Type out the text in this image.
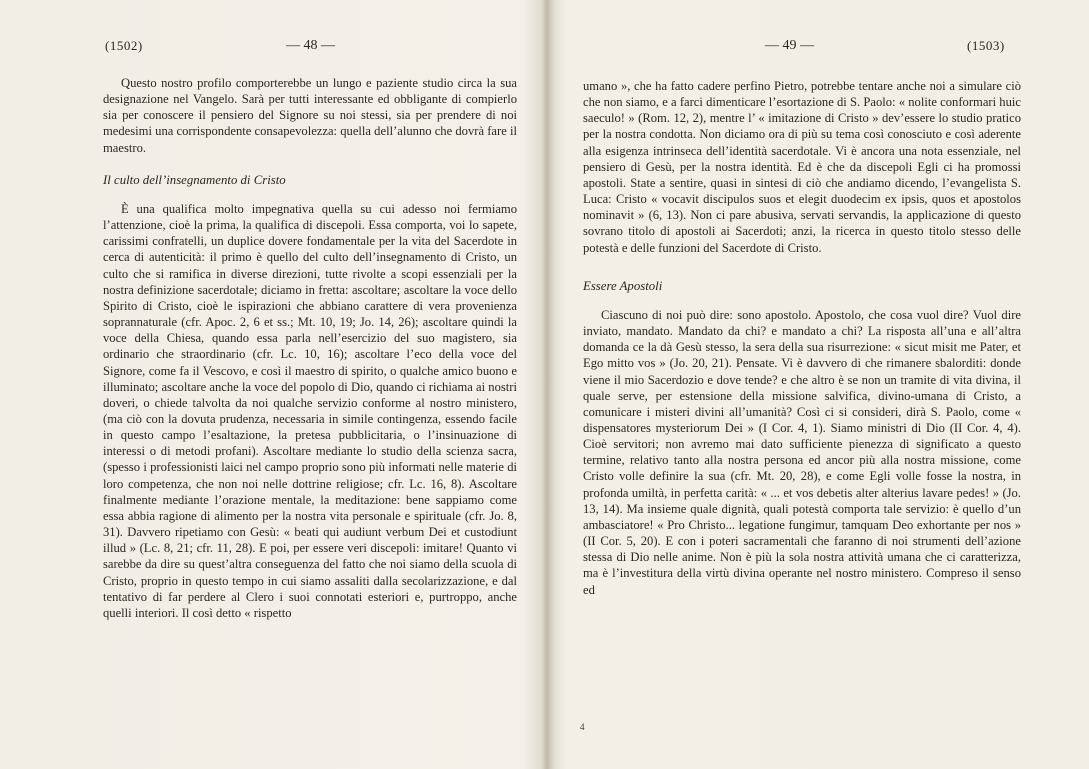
(1502)	— 48 —

Questo nostro profilo comporterebbe un lungo e paziente studio circa la sua designazione nel Vangelo. Sarà per tutti interessante ed obbligante di compierlo sia per conoscere il pensiero del Signore su noi stessi, sia per prendere di noi medesimi una corrispondente consapevolezza: quella dell’alunno che dovrà fare il maestro.

Il culto dell’insegnamento di Cristo

È una qualifica molto impegnativa quella su cui adesso noi fermiamo l’attenzione, cioè la prima, la qualifica di discepoli. Essa comporta, voi lo sapete, carissimi confratelli, un duplice dovere fondamentale per la vita del Sacerdote in cerca di autenticità: il primo è quello del culto dell’insegnamento di Cristo, un culto che si ramifica in diverse direzioni, tutte rivolte a scopi essenziali per la nostra definizione sacerdotale; diciamo in fretta: ascoltare; ascoltare la voce dello Spirito di Cristo, cioè le ispirazioni che abbiano carattere di vera provenienza soprannaturale (cfr. Apoc. 2, 6 et ss.; Mt. 10, 19; Jo. 14, 26); ascoltare quindi la voce della Chiesa, quando essa parla nell’esercizio del suo magistero, sia ordinario che straordinario (cfr. Lc. 10, 16); ascoltare l’eco della voce del Signore, come fa il Vescovo, e così il maestro di spirito, o qualche amico buono e illuminato; ascoltare anche la voce del popolo di Dio, quando ci richiama ai nostri doveri, o chiede talvolta da noi qualche servizio conforme al nostro ministero, (ma ciò con la dovuta prudenza, necessaria in simile contingenza, essendo facile in questo campo l’esaltazione, la pretesa pubblicitaria, o l’insinuazione di interessi o di metodi profani). Ascoltare mediante lo studio della scienza sacra, (spesso i professionisti laici nel campo proprio sono più informati nelle materie di loro competenza, che non noi nelle dottrine religiose; cfr. Lc. 16, 8). Ascoltare finalmente mediante l’orazione mentale, la meditazione: bene sappiamo come essa abbia ragione di alimento per la nostra vita personale e spirituale (cfr. Jo. 8, 31). Davvero ripetiamo con Gesù: « beati qui audiunt verbum Dei et custodiunt illud » (Lc. 8, 21; cfr. 11, 28). E poi, per essere veri discepoli: imitare! Quanto vi sarebbe da dire su quest’altra conseguenza del fatto che noi siamo della scuola di Cristo, proprio in questo tempo in cui siamo assaliti dalla secolarizzazione, e dal tentativo di far perdere al Clero i suoi connotati esteriori e, purtroppo, anche quelli interiori. Il così detto « rispetto

— 49 —	(1503)

umano », che ha fatto cadere perfino Pietro, potrebbe tentare anche noi a simulare ciò che non siamo, e a farci dimenticare l’esortazione di S. Paolo: « nolite conformari huic saeculo! » (Rom. 12, 2), mentre l’ « imitazione di Cristo » dev’essere lo studio pratico per la nostra condotta. Non diciamo ora di più su tema così conosciuto e così aderente alla esigenza intrinseca dell’identità sacerdotale. Vi è ancora una nota essenziale, nel pensiero di Gesù, per la nostra identità. Ed è che da discepoli Egli ci ha promossi apostoli. State a sentire, quasi in sintesi di ciò che andiamo dicendo, l’evangelista S. Luca: Cristo « vocavit discipulos suos et elegit duodecim ex ipsis, quos et apostolos nominavit » (6, 13). Non ci pare abusiva, servati servandis, la applicazione di questo sovrano titolo di apostoli ai Sacerdoti; anzi, la ricerca in questo titolo stesso delle potestà e delle funzioni del Sacerdote di Cristo.

Essere Apostoli

Ciascuno di noi può dire: sono apostolo. Apostolo, che cosa vuol dire? Vuol dire inviato, mandato. Mandato da chi? e mandato a chi? La risposta all’una e all’altra domanda ce la dà Gesù stesso, la sera della sua risurrezione: « sicut misit me Pater, et Ego mitto vos » (Jo. 20, 21). Pensate. Vi è davvero di che rimanere sbalorditi: donde viene il mio Sacerdozio e dove tende? e che altro è se non un tramite di vita divina, il quale serve, per estensione della missione salvifica, divino-umana di Cristo, a comunicare i misteri divini all’umanità? Così ci si consideri, dirà S. Paolo, come « dispensatores mysteriorum Dei » (I Cor. 4, 1). Siamo ministri di Dio (II Cor. 4, 4). Cioè servitori; non avremo mai dato sufficiente pienezza di significato a questo termine, relativo tanto alla nostra persona ed ancor più alla nostra missione, come Cristo volle definire la sua (cfr. Mt. 20, 28), e come Egli volle fosse la nostra, in profonda umiltà, in perfetta carità: « ... et vos debetis alter alterius lavare pedes! » (Jo. 13, 14). Ma insieme quale dignità, quali potestà comporta tale servizio: è quello d’un ambasciatore! « Pro Christo... legatione fungimur, tamquam Deo exhortante per nos » (II Cor. 5, 20). E con i poteri sacramentali che faranno di noi strumenti dell’azione stessa di Dio nelle anime. Non è più la sola nostra attività umana che ci caratterizza, ma è l’investitura della virtù divina operante nel nostro ministero. Compreso il senso ed

4
